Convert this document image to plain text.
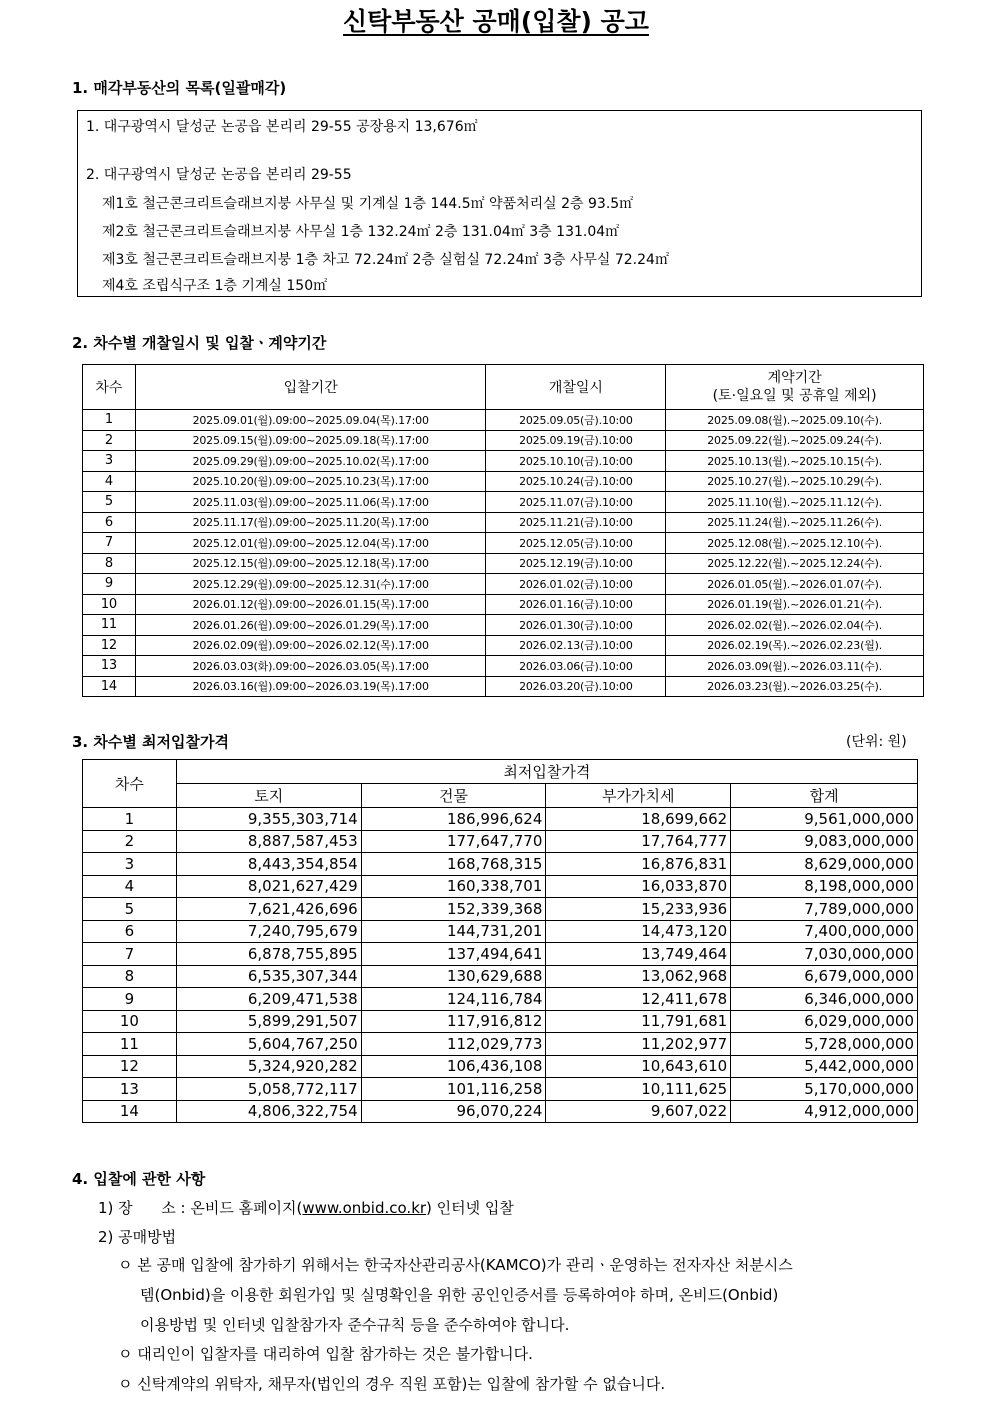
신탁부동산 공매(입찰) 공고
1. 매각부동산의 목록(일괄매각)
1. 대구광역시 달성군 논공읍 본리리 29-55 공장용지 13,676㎡
2. 대구광역시 달성군 논공읍 본리리 29-55
제1호 철근콘크리트슬래브지붕 사무실 및 기계실 1층 144.5㎡ 약품처리실 2층 93.5㎡
제2호 철근콘크리트슬래브지붕 사무실 1층 132.24㎡ 2층 131.04㎡ 3층 131.04㎡
제3호 철근콘크리트슬래브지붕 1층 차고 72.24㎡ 2층 실험실 72.24㎡ 3층 사무실 72.24㎡
제4호 조립식구조 1층 기계실 150㎡
2. 차수별 개찰일시 및 입찰ㆍ계약기간
차수	입찰기간	개찰일시	계약기간
(토·일요일 및 공휴일 제외)

1	2025.09.01(월).09:00~2025.09.04(목).17:00	2025.09.05(금).10:00	2025.09.08(월).~2025.09.10(수).
2	2025.09.15(월).09:00~2025.09.18(목).17:00	2025.09.19(금).10:00	2025.09.22(월).~2025.09.24(수).
3	2025.09.29(월).09:00~2025.10.02(목).17:00	2025.10.10(금).10:00	2025.10.13(월).~2025.10.15(수).
4	2025.10.20(월).09:00~2025.10.23(목).17:00	2025.10.24(금).10:00	2025.10.27(월).~2025.10.29(수).
5	2025.11.03(월).09:00~2025.11.06(목).17:00	2025.11.07(금).10:00	2025.11.10(월).~2025.11.12(수).
6	2025.11.17(월).09:00~2025.11.20(목).17:00	2025.11.21(금).10:00	2025.11.24(월).~2025.11.26(수).
7	2025.12.01(월).09:00~2025.12.04(목).17:00	2025.12.05(금).10:00	2025.12.08(월).~2025.12.10(수).
8	2025.12.15(월).09:00~2025.12.18(목).17:00	2025.12.19(금).10:00	2025.12.22(월).~2025.12.24(수).
9	2025.12.29(월).09:00~2025.12.31(수).17:00	2026.01.02(금).10:00	2026.01.05(월).~2026.01.07(수).
10	2026.01.12(월).09:00~2026.01.15(목).17:00	2026.01.16(금).10:00	2026.01.19(월).~2026.01.21(수).
11	2026.01.26(월).09:00~2026.01.29(목).17:00	2026.01.30(금).10:00	2026.02.02(월).~2026.02.04(수).
12	2026.02.09(월).09:00~2026.02.12(목).17:00	2026.02.13(금).10:00	2026.02.19(목).~2026.02.23(월).
13	2026.03.03(화).09:00~2026.03.05(목).17:00	2026.03.06(금).10:00	2026.03.09(월).~2026.03.11(수).
14	2026.03.16(월).09:00~2026.03.19(목).17:00	2026.03.20(금).10:00	2026.03.23(월).~2026.03.25(수).
3. 차수별 최저입찰가격	(단위: 원)
차수	최저입찰가격			
	토지	건물	부가가치세	합계
1	9,355,303,714	186,996,624	18,699,662	9,561,000,000
2	8,887,587,453	177,647,770	17,764,777	9,083,000,000
3	8,443,354,854	168,768,315	16,876,831	8,629,000,000
4	8,021,627,429	160,338,701	16,033,870	8,198,000,000
5	7,621,426,696	152,339,368	15,233,936	7,789,000,000
6	7,240,795,679	144,731,201	14,473,120	7,400,000,000
7	6,878,755,895	137,494,641	13,749,464	7,030,000,000
8	6,535,307,344	130,629,688	13,062,968	6,679,000,000
9	6,209,471,538	124,116,784	12,411,678	6,346,000,000
10	5,899,291,507	117,916,812	11,791,681	6,029,000,000
11	5,604,767,250	112,029,773	11,202,977	5,728,000,000
12	5,324,920,282	106,436,108	10,643,610	5,442,000,000
13	5,058,772,117	101,116,258	10,111,625	5,170,000,000
14	4,806,322,754	96,070,224	9,607,022	4,912,000,000
4. 입찰에 관한 사항
1) 장      소 : 온비드 홈페이지(www.onbid.co.kr) 인터넷 입찰
2) 공매방법
ㅇ 본 공매 입찰에 참가하기 위해서는 한국자산관리공사(KAMCO)가 관리ㆍ운영하는 전자자산 처분시스
템(Onbid)을 이용한 회원가입 및 실명확인을 위한 공인인증서를 등록하여야 하며, 온비드(Onbid)
이용방법 및 인터넷 입찰참가자 준수규칙 등을 준수하여야 합니다.
ㅇ 대리인이 입찰자를 대리하여 입찰 참가하는 것은 불가합니다.
ㅇ 신탁계약의 위탁자, 채무자(법인의 경우 직원 포함)는 입찰에 참가할 수 없습니다.
